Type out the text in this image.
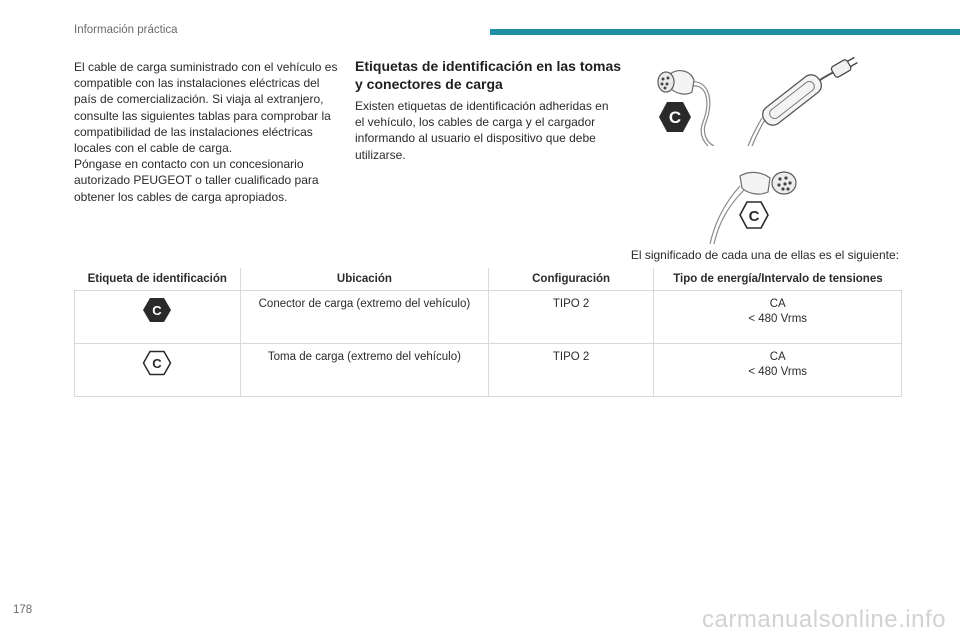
Información práctica

El cable de carga suministrado con el vehículo es compatible con las instalaciones eléctricas del país de comercialización. Si viaja al extranjero, consulte las siguientes tablas para comprobar la compatibilidad de las instalaciones eléctricas locales con el cable de carga.

Póngase en contacto con un concesionario autorizado PEUGEOT o taller cualificado para obtener los cables de carga apropiados.

Etiquetas de identificación en las tomas y conectores de carga
Existen etiquetas de identificación adheridas en el vehículo, los cables de carga y el cargador informando al usuario el dispositivo que debe utilizarse.
C
C
El significado de cada una de ellas es el siguiente:
Etiqueta de identificación	Ubicación	Configuración	Tipo de energía/Intervalo de tensiones

C	Conector de carga (extremo del vehículo)	TIPO 2	CA
< 480 Vrms

C	Toma de carga (extremo del vehículo)	TIPO 2	CA
< 480 Vrms
178	carmanualsonline.info
